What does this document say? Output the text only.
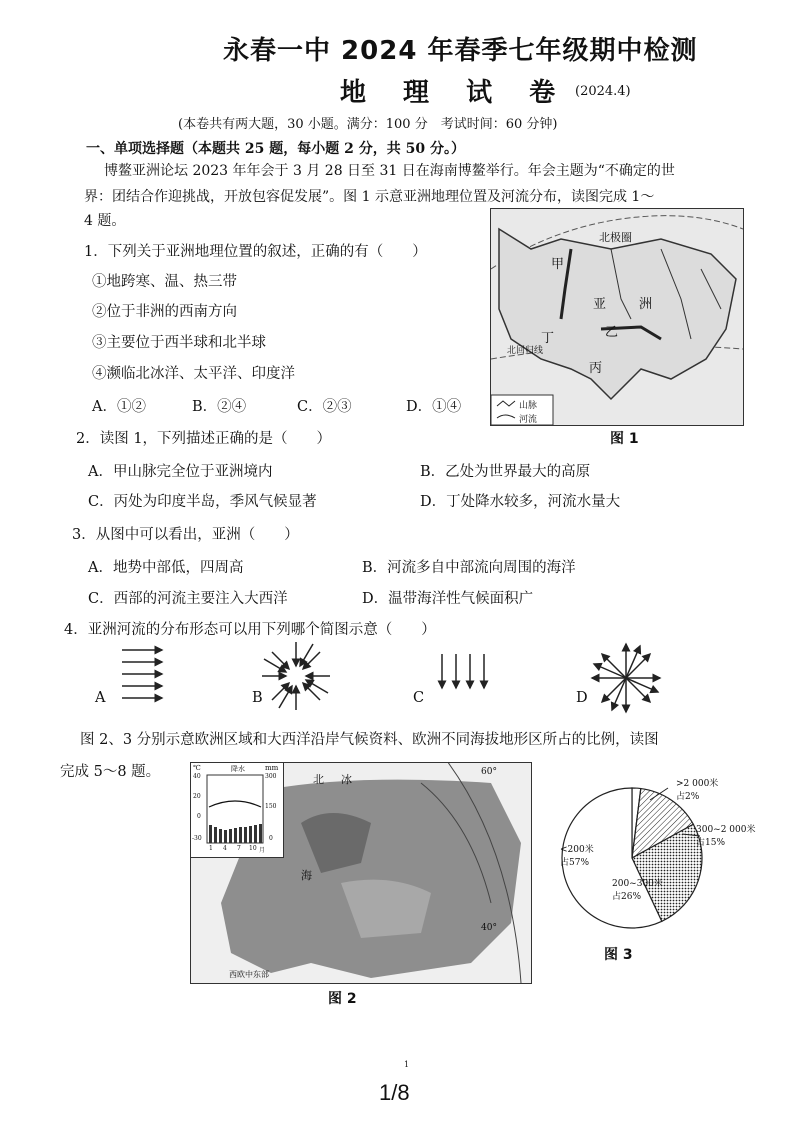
永春一中 2024 年春季七年级期中检测
地 理 试 卷 (2024.4)
(本卷共有两大题，30 小题。满分：100 分　考试时间：60 分钟)
一、单项选择题（本题共 25 题，每小题 2 分，共 50 分。）
博鳌亚洲论坛 2023 年年会于 3 月 28 日至 31 日在海南博鳌举行。年会主题为“不确定的世
界：团结合作迎挑战，开放包容促发展”。图 1 示意亚洲地理位置及河流分布，读图完成 1～
4 题。
1．下列关于亚洲地理位置的叙述，正确的有（　　）
①地跨寒、温、热三带
②位于非洲的西南方向
③主要位于西半球和北半球
④濒临北冰洋、太平洋、印度洋
A．①②	B．②④	C．②③	D．①④
北极圈
甲
亚	洲
乙
丁
北回归线
丙
山脉
河流
图 1
2．读图 1，下列描述正确的是（　　）
A．甲山脉完全位于亚洲境内	B．乙处为世界最大的高原
C．丙处为印度半岛，季风气候显著	D．丁处降水较多，河流水量大
3．从图中可以看出，亚洲（　　）
A．地势中部低，四周高	B．河流多自中部流向周围的海洋
C．西部的河流主要注入大西洋	D．温带海洋性气候面积广
4．亚洲河流的分布形态可以用下列哪个简图示意（　　）
A	B	C	D
图 2、3 分别示意欧洲区域和大西洋沿岸气候资料、欧洲不同海拔地形区所占的比例，读图
完成 5～8 题。	北 冰
海
60°
40°
西欧中东部
℃	降水	mm
40
20
0
-30
300
150
0
1 4 7 10 月
图 2
>2 000米
占2%
300~2 000米
占15%
<200米
占57%
200~300米
占26%
图 3
1
1/8
